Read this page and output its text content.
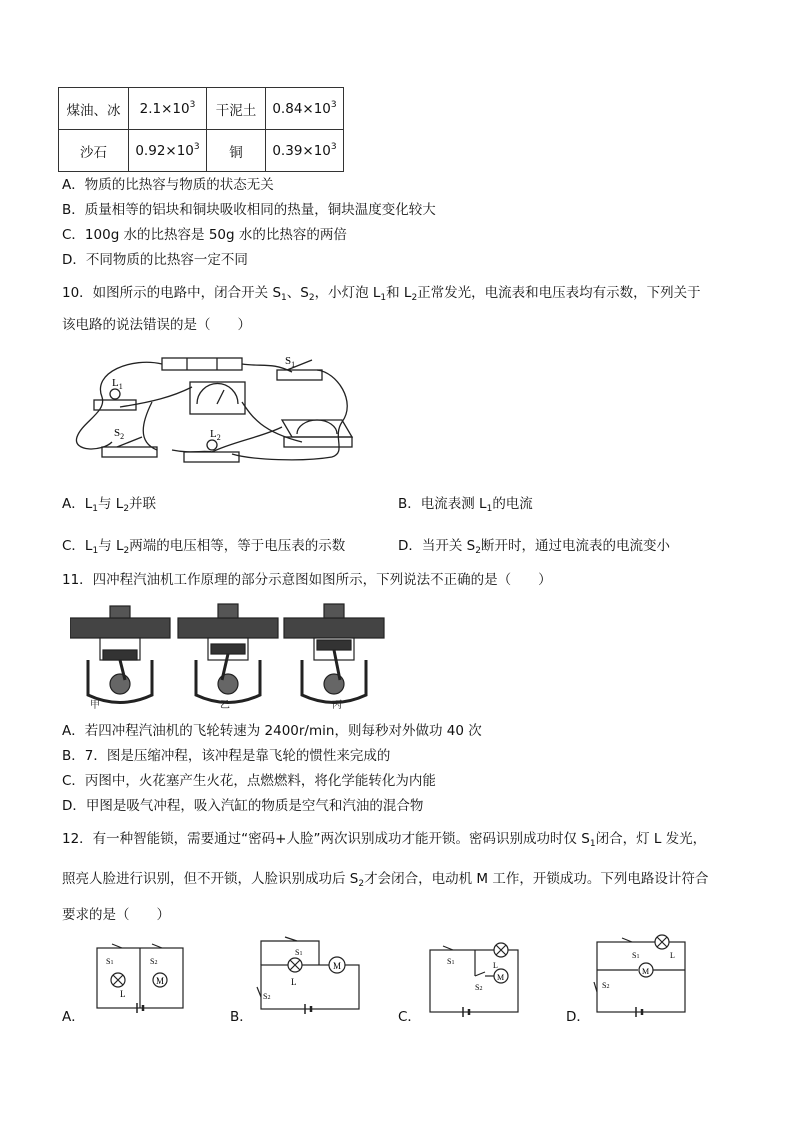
煤油、冰	$2.1\times 10^3$	干泥土	$0.84\times 10^3$
沙石	$0.92\times 10^3$	铜	$0.39\times 10^3$
A．物质的比热容与物质的状态无关
B．质量相等的铝块和铜块吸收相同的热量，铜块温度变化较大
C．100g 水的比热容是 50g 水的比热容的两倍
D．不同物质的比热容一定不同
10．如图所示的电路中，闭合开关 $S_1$、$S_2$，小灯泡 $L_1$和 $L_2$正常发光，电流表和电压表均有示数，下列关于
该电路的说法错误的是（　　）
$S_1$
$L_1$
$S_2$	$L_2$
A．$L_1$与 $L_2$并联	B．电流表测 $L_1$的电流
C．$L_1$与 $L_2$两端的电压相等，等于电压表的示数	D．当开关 $S_2$断开时，通过电流表的电流变小
11．四冲程汽油机工作原理的部分示意图如图所示，下列说法不正确的是（　　）
甲	乙	丙
A．若四冲程汽油机的飞轮转速为 2400r/min，则每秒对外做功 40 次
B．7．图是压缩冲程，该冲程是靠飞轮的惯性来完成的
C．丙图中，火花塞产生火花，点燃燃料，将化学能转化为内能
D．甲图是吸气冲程，吸入汽缸的物质是空气和汽油的混合物
12．有一种智能锁，需要通过“密码+人脸”两次识别成功才能开锁。密码识别成功时仅 $S_1$闭合，灯 L 发光，
照亮人脸进行识别，但不开锁，人脸识别成功后 $S_2$才会闭合，电动机 M 工作，开锁成功。下列电路设计符合
要求的是（　　）
A．
M
L
S1	S2
B．
M
L
S1
S2
C．
M
L
S1
S2
D．
M
L
S1
S2
